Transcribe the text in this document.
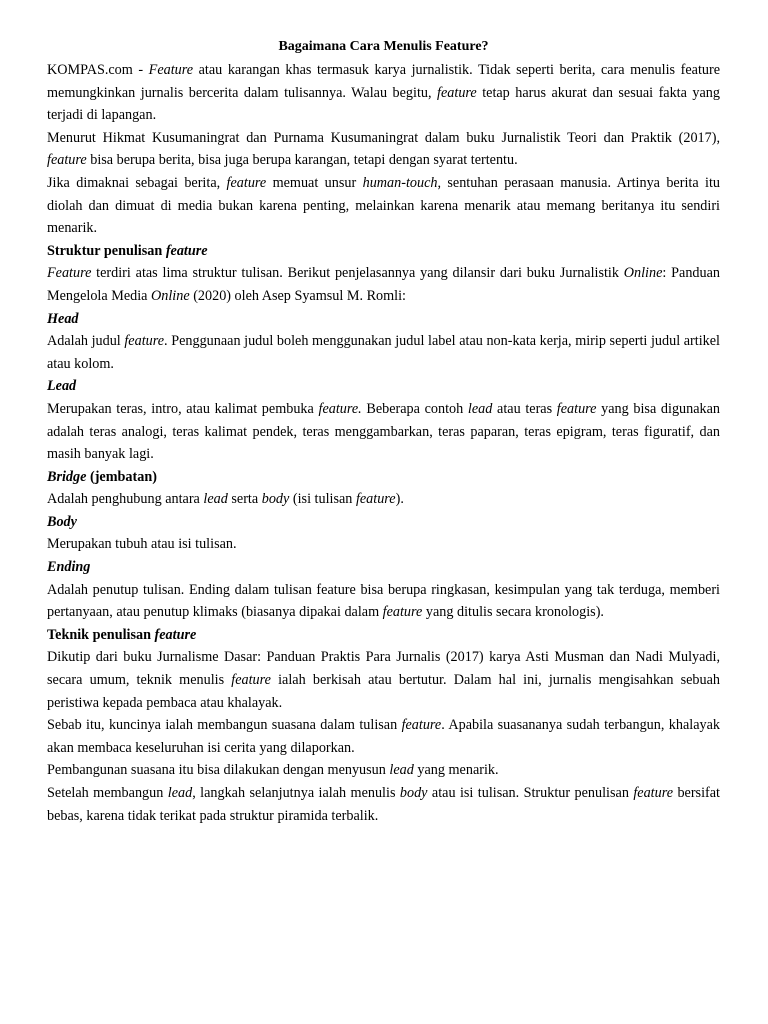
Bagaimana Cara Menulis Feature?

KOMPAS.com - Feature atau karangan khas termasuk karya jurnalistik. Tidak seperti berita, cara menulis feature memungkinkan jurnalis bercerita dalam tulisannya. Walau begitu, feature tetap harus akurat dan sesuai fakta yang terjadi di lapangan.

Menurut Hikmat Kusumaningrat dan Purnama Kusumaningrat dalam buku Jurnalistik Teori dan Praktik (2017), feature bisa berupa berita, bisa juga berupa karangan, tetapi dengan syarat tertentu.

Jika dimaknai sebagai berita, feature memuat unsur human-touch, sentuhan perasaan manusia. Artinya berita itu diolah dan dimuat di media bukan karena penting, melainkan karena menarik atau memang beritanya itu sendiri menarik.

Struktur penulisan feature

Feature terdiri atas lima struktur tulisan. Berikut penjelasannya yang dilansir dari buku Jurnalistik Online: Panduan Mengelola Media Online (2020) oleh Asep Syamsul M. Romli:

Head

Adalah judul feature. Penggunaan judul boleh menggunakan judul label atau non-kata kerja, mirip seperti judul artikel atau kolom.

Lead

Merupakan teras, intro, atau kalimat pembuka feature. Beberapa contoh lead atau teras feature yang bisa digunakan adalah teras analogi, teras kalimat pendek, teras menggambarkan, teras paparan, teras epigram, teras figuratif, dan masih banyak lagi.

Bridge (jembatan)

Adalah penghubung antara lead serta body (isi tulisan feature).

Body

Merupakan tubuh atau isi tulisan.

Ending

Adalah penutup tulisan. Ending dalam tulisan feature bisa berupa ringkasan, kesimpulan yang tak terduga, memberi pertanyaan, atau penutup klimaks (biasanya dipakai dalam feature yang ditulis secara kronologis).

Teknik penulisan feature

Dikutip dari buku Jurnalisme Dasar: Panduan Praktis Para Jurnalis (2017) karya Asti Musman dan Nadi Mulyadi, secara umum, teknik menulis feature ialah berkisah atau bertutur. Dalam hal ini, jurnalis mengisahkan sebuah peristiwa kepada pembaca atau khalayak.

Sebab itu, kuncinya ialah membangun suasana dalam tulisan feature. Apabila suasananya sudah terbangun, khalayak akan membaca keseluruhan isi cerita yang dilaporkan.

Pembangunan suasana itu bisa dilakukan dengan menyusun lead yang menarik.

Setelah membangun lead, langkah selanjutnya ialah menulis body atau isi tulisan. Struktur penulisan feature bersifat bebas, karena tidak terikat pada struktur piramida terbalik.
